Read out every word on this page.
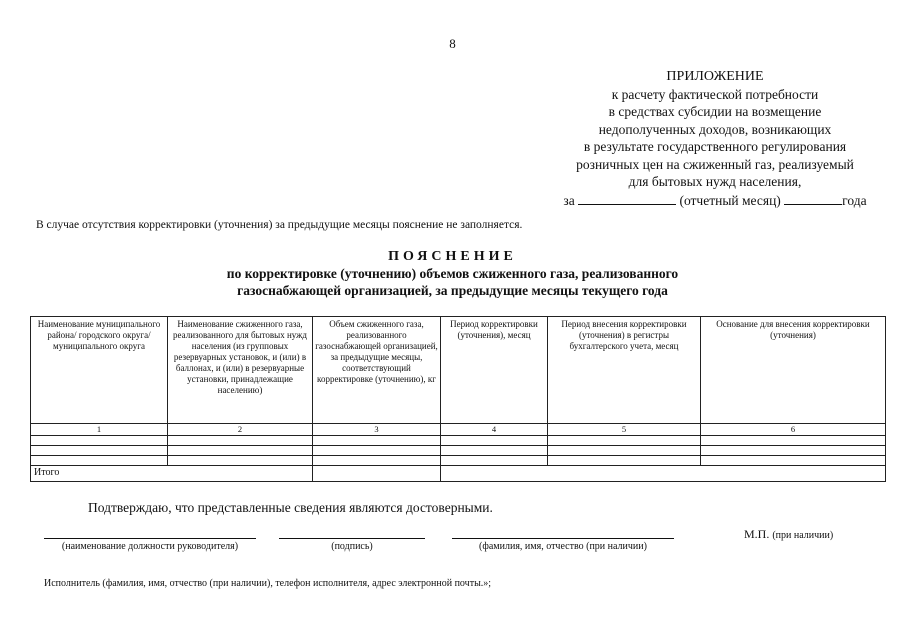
8
ПРИЛОЖЕНИЕ
к расчету фактической потребности
в средствах субсидии на возмещение
недополученных доходов, возникающих
в результате государственного регулирования
розничных цен на сжиженный газ, реализуемый
для бытовых нужд населения,
за	(отчетный месяц)	года
В случае отсутствия корректировки (уточнения) за предыдущие месяцы пояснение не заполняется.
ПОЯСНЕНИЕ
по корректировке (уточнению) объемов сжиженного газа, реализованного
газоснабжающей организацией, за предыдущие месяцы текущего года
Наименование муниципального района/ городского округа/ муниципального округа	Наименование сжиженного газа, реализованного для бытовых нужд населения (из групповых резервуарных установок, и (или) в баллонах, и (или) в резервуарные установки, принадлежащие населению)	Объем сжиженного газа, реализованного газоснабжающей организацией, за предыдущие месяцы, соответствующий корректировке (уточнению), кг	Период корректировки (уточнения), месяц	Период внесения корректировки (уточнения) в регистры бухгалтерского учета, месяц	Основание для внесения корректировки (уточнения)
1	2	3	4	5	6

Итого					
Подтверждаю, что представленные сведения являются достоверными.
(наименование должности руководителя)	(подпись)	(фамилия, имя, отчество (при наличии)
М.П. (при наличии)
Исполнитель (фамилия, имя, отчество (при наличии), телефон исполнителя, адрес электронной почты.»;
